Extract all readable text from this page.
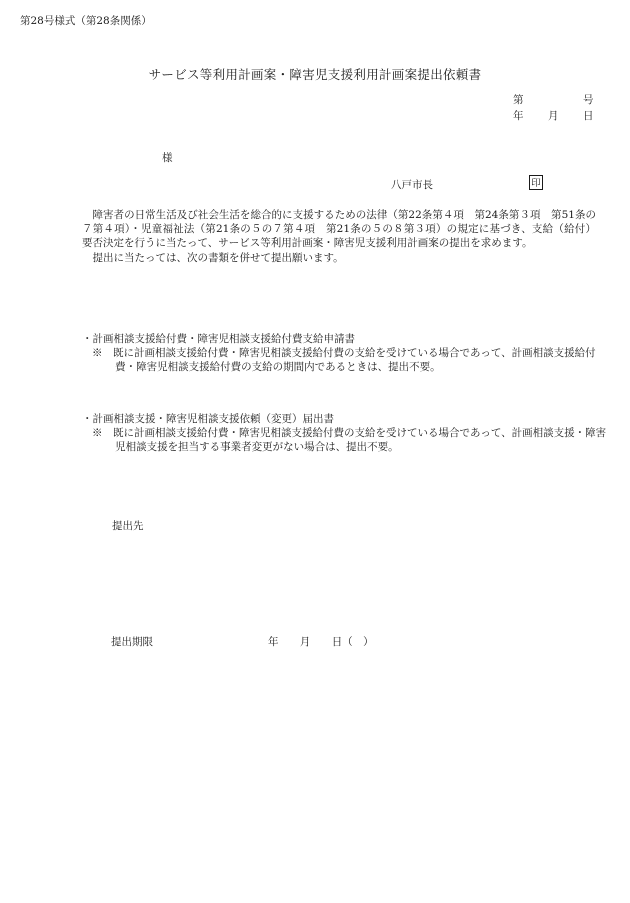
第28号様式（第28条関係）
サービス等利用計画案・障害児支援利用計画案提出依頼書
第	号
年 月 日
様
八戸市長	印

障害者の日常生活及び社会生活を総合的に支援するための法律（第22条第４項　第24条第３項　第51条の７第４項）・児童福祉法（第21条の５の７第４項　第21条の５の８第３項）の規定に基づき、支給（給付）要否決定を行うに当たって、サービス等利用計画案・障害児支援利用計画案の提出を求めます。

提出に当たっては、次の書類を併せて提出願います。

・計画相談支援給付費・障害児相談支援給付費支給申請書

※　既に計画相談支援給付費・障害児相談支援給付費の支給を受けている場合であって、計画相談支援給付費・障害児相談支援給付費の支給の期間内であるときは、提出不要。

・計画相談支援・障害児相談支援依頼（変更）届出書

※　既に計画相談支援給付費・障害児相談支援給付費の支給を受けている場合であって、計画相談支援・障害児相談支援を担当する事業者変更がない場合は、提出不要。

提出先
提出期限	年 月 日（　）
